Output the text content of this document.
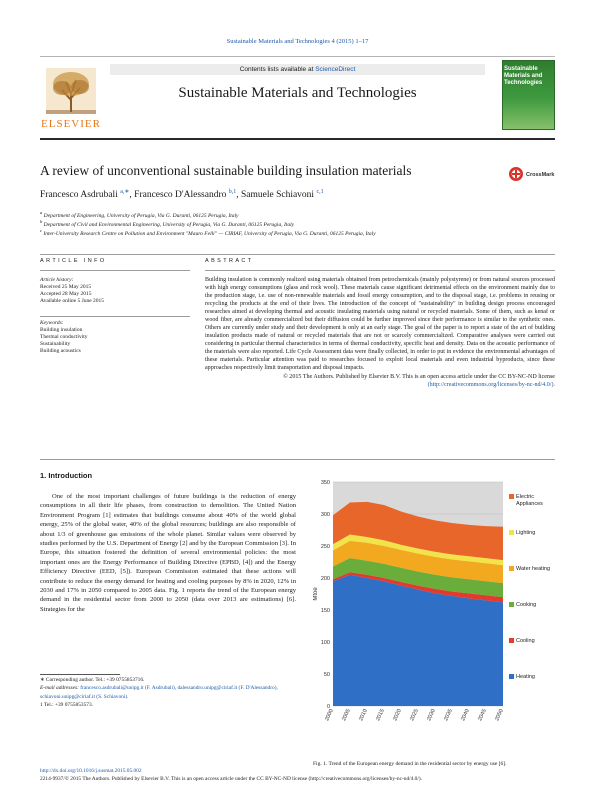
Sustainable Materials and Technologies 4 (2015) 1–17
ELSEVIER
Contents lists available at ScienceDirect
Sustainable Materials and Technologies
Sustainable Materials and Technologies
A review of unconventional sustainable building insulation materials	CrossMark
Francesco Asdrubali $^{a,∗}$, Francesco D'Alessandro $^{b,1}$, Samuele Schiavoni $^{c,1}$
$^a$ Department of Engineering, University of Perugia, Via G. Duranti, 06125 Perugia, Italy
$^b$ Department of Civil and Environmental Engineering, University of Perugia, Via G. Duranti, 06125 Perugia, Italy
$^c$ Inter-University Research Centre on Pollution and Environment "Mauro Felli" — CIRIAF, University of Perugia, Via G. Duranti, 06125 Perugia, Italy
ARTICLE INFO
Article history:
Received 25 May 2015
Accepted 28 May 2015
Available online 5 June 2015
Keywords:
Building insulation
Thermal conductivity
Sustainability
Building acoustics
ABSTRACT
Building insulation is commonly realized using materials obtained from petrochemicals (mainly polystyrene) or from natural sources processed with high energy consumptions (glass and rock wool). These materials cause significant detrimental effects on the environment mainly due to the production stage, i.e. use of non-renewable materials and fossil energy consumption, and to the disposal stage, i.e. problems in reusing or recycling the products at the end of their lives. The introduction of the concept of "sustainability" in building design process encouraged researches aimed at developing thermal and acoustic insulating materials using natural or recycled materials. Some of them, such as kenaf or wood fiber, are already commercialized but their diffusion could be further improved since their performance is similar to the synthetic ones. Others are currently under study and their development is only at an early stage. The goal of the paper is to report a state of the art of building insulation products made of natural or recycled materials that are not or scarcely commercialized. Comparative analyses were carried out considering in particular thermal characteristics in terms of thermal conductivity, specific heat and density. Data on the acoustic performance of the materials were also reported. Life Cycle Assessment data were finally collected, in order to put in evidence the environmental advantages of these materials. Particular attention was paid to researches focused to exploit local materials and even industrial byproducts, since these approaches respectively limit transportation and disposal impacts.
© 2015 The Authors. Published by Elsevier B.V. This is an open access article under the CC BY-NC-ND license
(http://creativecommons.org/licenses/by-nc-nd/4.0/).
1. Introduction
One of the most important challenges of future buildings is the reduction of energy consumptions in all their life phases, from construction to demolition. The United Nation Environment Program [1] estimates that buildings consume about 40% of the world global energy, 25% of the global water, 40% of the global resources; buildings are also responsible of about 1/3 of greenhouse gas emissions of the whole planet. Similar values were observed by studies performed by the U.S. Department of Energy [2] and by the European Commission [3]. In Europe, this situation fostered the definition of several environmental policies: the most important ones are the Energy Performance of Building Directive (EPBD, [4]) and the Energy Efficiency Directive (EED, [5]). European Commission estimated that these actions will contribute to reduce the energy demand for heating and cooling purposes by 8% in 2020, 12% in 2030 and 17% in 2050 compared to 2005 data. Fig. 1 reports the trend of the European energy demand in the residential sector from 2000 to 2050 (data over 2013 are estimations) [6]. Strategies for the
∗ Corresponding author. Tel.: +39 0755853716.
E-mail addresses: francesco.asdrubali@unipg.it (F. Asdrubali), dalessandro.unipg@ciriaf.it (F. D'Alessandro), schiavoni.unipg@ciriaf.it (S. Schiavoni).
1 Tel.: +39 0755853573.
http://dx.doi.org/10.1016/j.susmat.2015.05.002
2214-9937/© 2015 The Authors. Published by Elsevier B.V. This is an open access article under the CC BY-NC-ND license (http://creativecommons.org/licenses/by-nc-nd/4.0/).
0
50
100
150
200
250
300
350
2000 2005 2010 2015 2020 2025 2030 2035 2040 2045 2050
Mtoe
Electric
Appliances
Lighting
Water heating
Cooking
Cooling
Heating
Fig. 1. Trend of the European energy demand in the residential sector by energy use [6].
